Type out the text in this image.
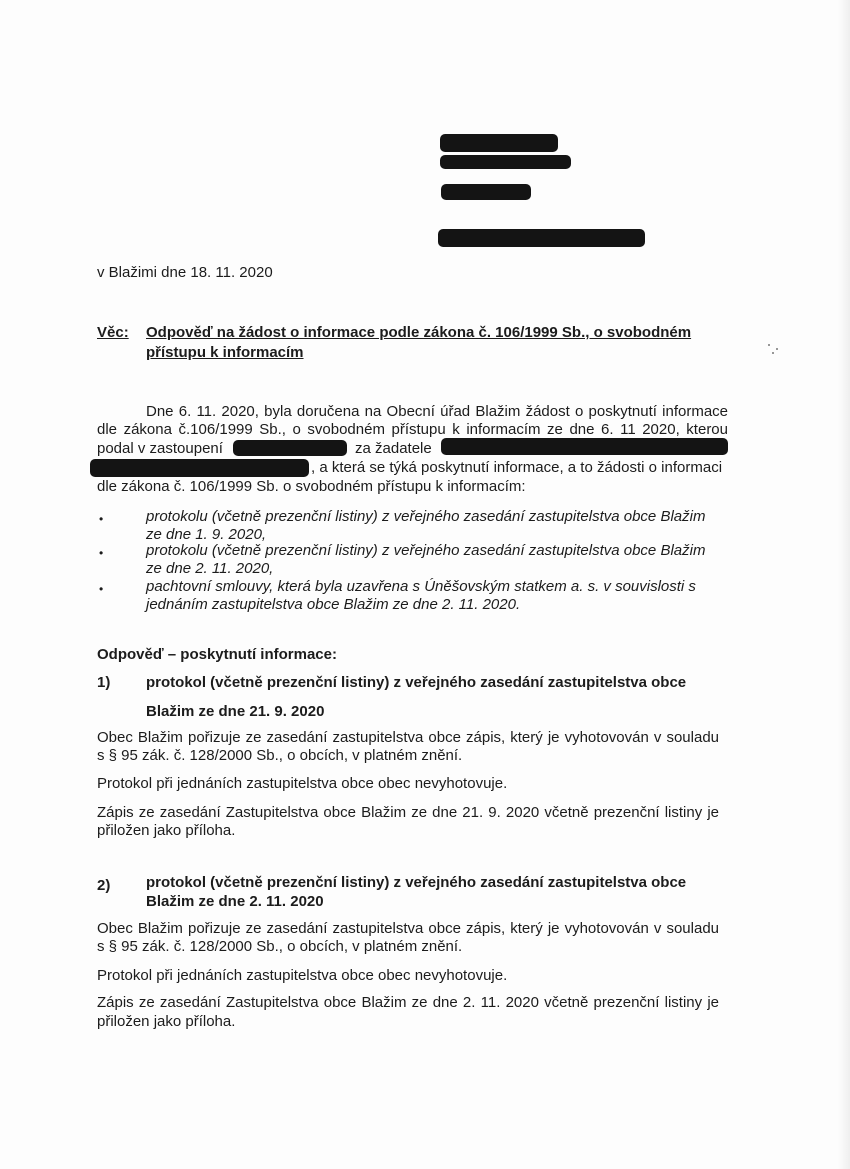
v Blažimi dne 18. 11. 2020
Věc: Odpověď na žádost o informace podle zákona č. 106/1999 Sb., o svobodném
přístupu k informacím
Dne 6. 11. 2020, byla doručena na Obecní úřad Blažim žádost o poskytnutí informace
dle zákona č.106/1999 Sb., o svobodném přístupu k informacím ze dne 6. 11 2020, kterou
podal v zastoupení	za žadatele
, a která se týká poskytnutí informace, a to žádosti o informaci
dle zákona č. 106/1999 Sb. o svobodném přístupu k informacím:
•	protokolu (včetně prezenční listiny) z veřejného zasedání zastupitelstva obce Blažim
ze dne 1. 9. 2020,
•	protokolu (včetně prezenční listiny) z veřejného zasedání zastupitelstva obce Blažim
ze dne 2. 11. 2020,
•	pachtovní smlouvy, která byla uzavřena s Úněšovským statkem a. s. v souvislosti s
jednáním zastupitelstva obce Blažim ze dne 2. 11. 2020.
Odpověď – poskytnutí informace:
1) protokol (včetně prezenční listiny) z veřejného zasedání zastupitelstva obce
Blažim ze dne 21. 9. 2020
Obec Blažim pořizuje ze zasedání zastupitelstva obce zápis, který je vyhotovován v souladu
s § 95 zák. č. 128/2000 Sb., o obcích, v platném znění.
Protokol při jednáních zastupitelstva obce obec nevyhotovuje.
Zápis ze zasedání Zastupitelstva obce Blažim ze dne 21. 9. 2020 včetně prezenční listiny je
přiložen jako příloha.
2) protokol (včetně prezenční listiny) z veřejného zasedání zastupitelstva obce
Blažim ze dne 2. 11. 2020
Obec Blažim pořizuje ze zasedání zastupitelstva obce zápis, který je vyhotovován v souladu
s § 95 zák. č. 128/2000 Sb., o obcích, v platném znění.
Protokol při jednáních zastupitelstva obce obec nevyhotovuje.
Zápis ze zasedání Zastupitelstva obce Blažim ze dne 2. 11. 2020 včetně prezenční listiny je
přiložen jako příloha.
